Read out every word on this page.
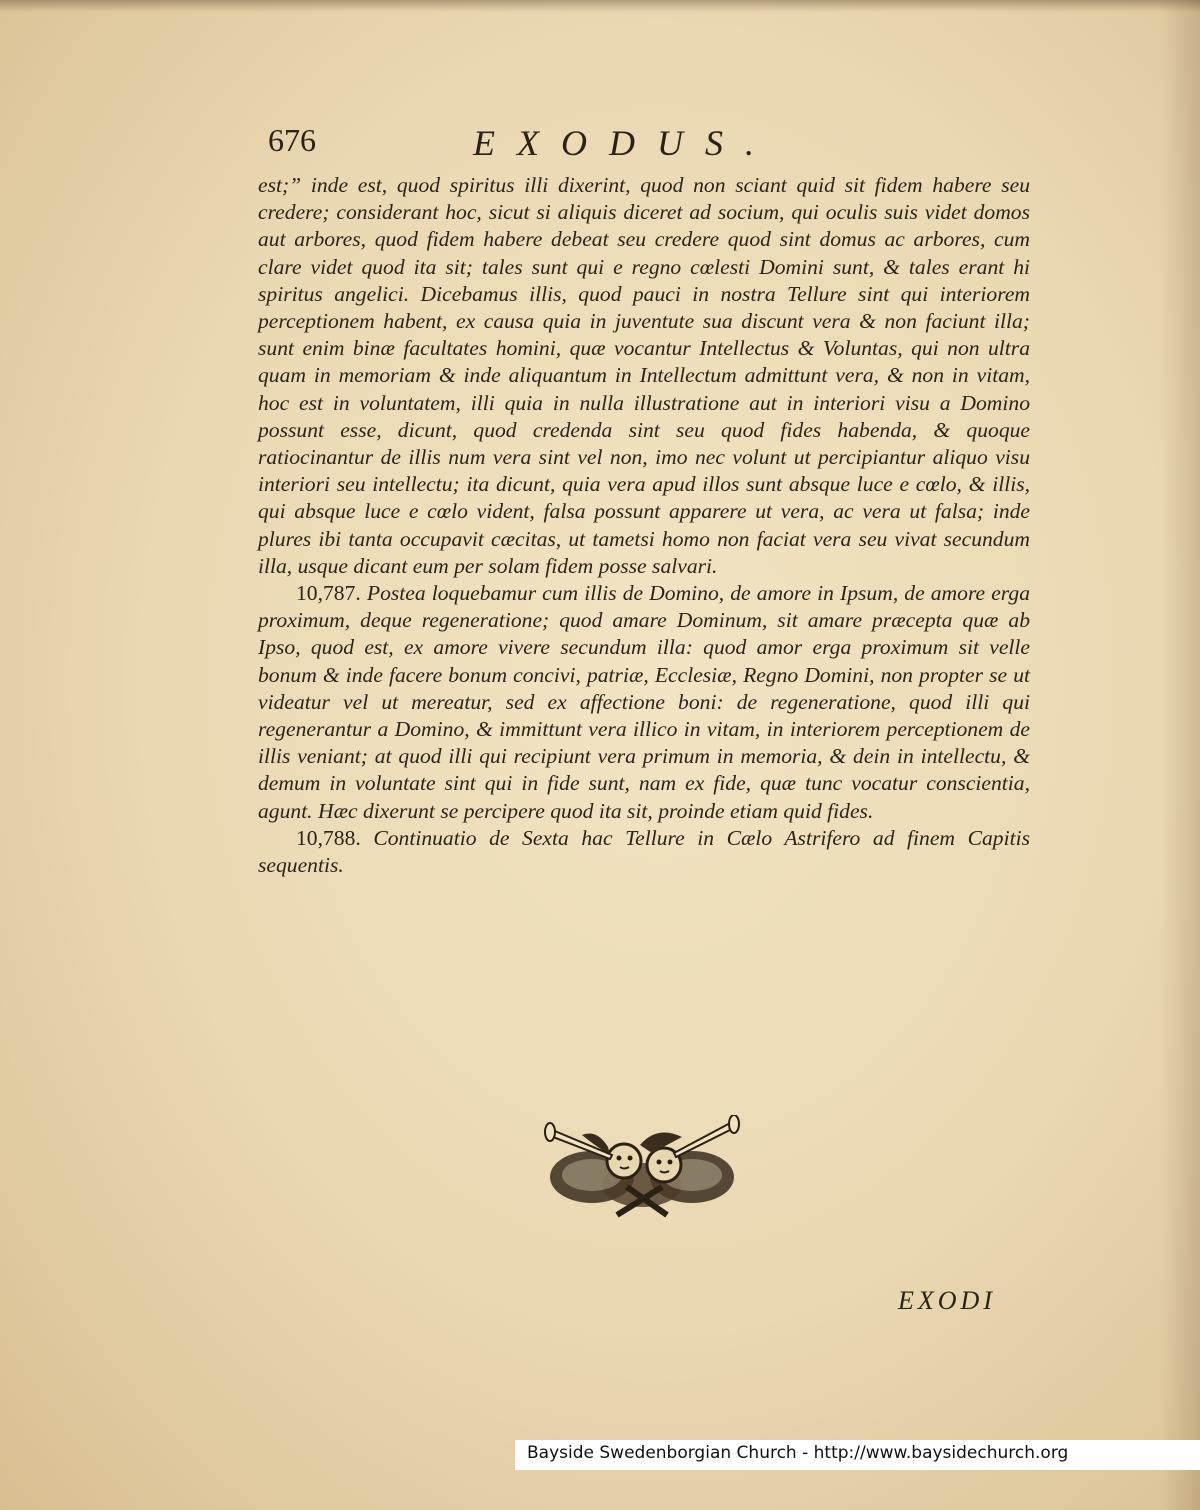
676	EXODUS.

est;” inde est, quod spiritus illi dixerint, quod non sciant quid sit fidem habere seu credere; considerant hoc, sicut si aliquis diceret ad socium, qui oculis suis videt domos aut arbores, quod fidem habere debeat seu credere quod sint domus ac arbores, cum clare videt quod ita sit; tales sunt qui e regno cœlesti Domini sunt, & tales erant hi spiritus angelici. Dicebamus illis, quod pauci in nostra Tellure sint qui interiorem perceptionem habent, ex causa quia in juventute sua discunt vera & non faciunt illa; sunt enim binæ facultates homini, quæ vocantur Intellectus & Voluntas, qui non ultra quam in memoriam & inde aliquantum in Intellectum admittunt vera, & non in vitam, hoc est in voluntatem, illi quia in nulla illustratione aut in interiori visu a Domino possunt esse, dicunt, quod credenda sint seu quod fides habenda, & quoque ratiocinantur de illis num vera sint vel non, imo nec volunt ut percipiantur aliquo visu interiori seu intellectu; ita dicunt, quia vera apud illos sunt absque luce e cœlo, & illis, qui absque luce e cœlo vident, falsa possunt apparere ut vera, ac vera ut falsa; inde plures ibi tanta occupavit cæcitas, ut tametsi homo non faciat vera seu vivat secundum illa, usque dicant eum per solam fidem posse salvari.

10,787. Postea loquebamur cum illis de Domino, de amore in Ipsum, de amore erga proximum, deque regeneratione; quod amare Dominum, sit amare præcepta quæ ab Ipso, quod est, ex amore vivere secundum illa: quod amor erga proximum sit velle bonum & inde facere bonum concivi, patriæ, Ecclesiæ, Regno Domini, non propter se ut videatur vel ut mereatur, sed ex affectione boni: de regeneratione, quod illi qui regenerantur a Domino, & immittunt vera illico in vitam, in interiorem perceptionem de illis veniant; at quod illi qui recipiunt vera primum in memoria, & dein in intellectu, & demum in voluntate sint qui in fide sunt, nam ex fide, quæ tunc vocatur conscientia, agunt. Hæc dixerunt se percipere quod ita sit, proinde etiam quid fides.

10,788. Continuatio de Sexta hac Tellure in Cælo Astrifero ad finem Capitis sequentis.

EXODI
Bayside Swedenborgian Church - http://www.baysidechurch.org
